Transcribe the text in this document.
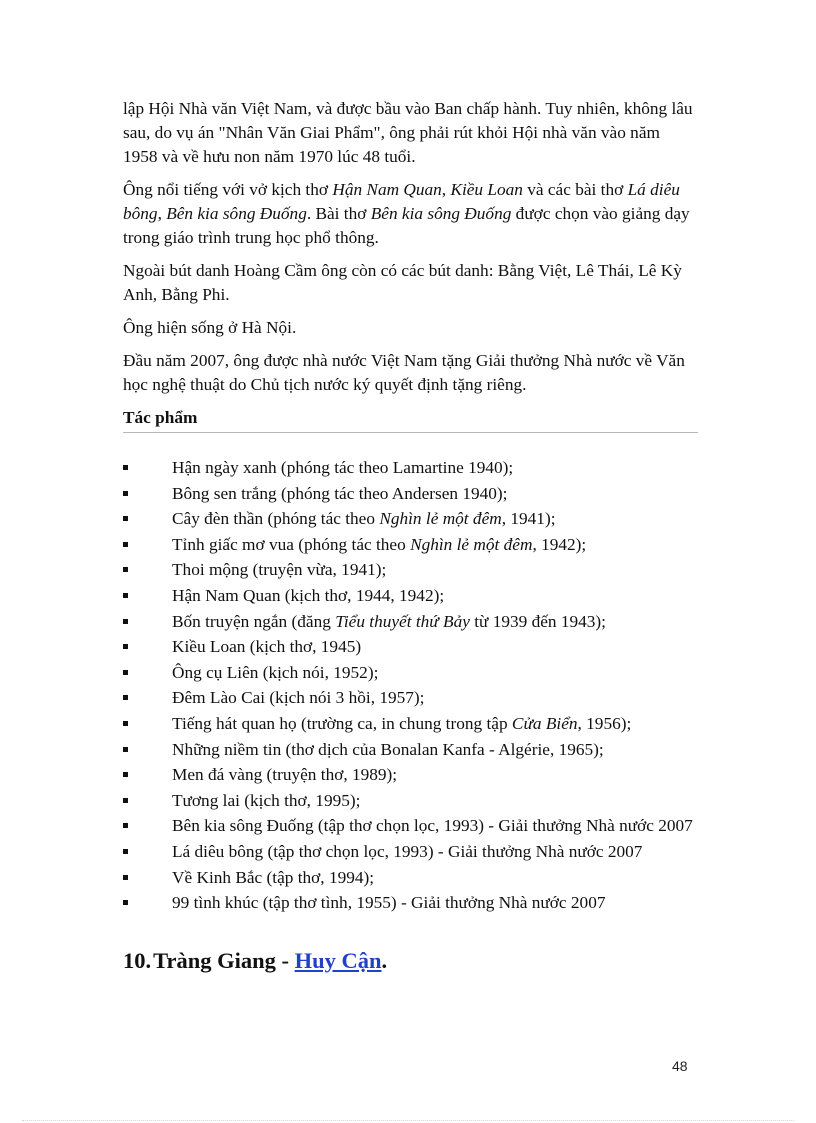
lập Hội Nhà văn Việt Nam, và được bầu vào Ban chấp hành. Tuy nhiên, không lâu sau, do vụ án "Nhân Văn Giai Phẩm", ông phải rút khỏi Hội nhà văn vào năm 1958 và về hưu non năm 1970 lúc 48 tuổi.

Ông nổi tiếng với vở kịch thơ Hận Nam Quan, Kiều Loan và các bài thơ Lá diêu bông, Bên kia sông Đuống. Bài thơ Bên kia sông Đuống được chọn vào giảng dạy trong giáo trình trung học phổ thông.

Ngoài bút danh Hoàng Cầm ông còn có các bút danh: Bằng Việt, Lê Thái, Lê Kỳ Anh, Bằng Phi.

Ông hiện sống ở Hà Nội.

Đầu năm 2007, ông được nhà nước Việt Nam tặng Giải thưởng Nhà nước về Văn học nghệ thuật do Chủ tịch nước ký quyết định tặng riêng.

Tác phẩm
Hận ngày xanh (phóng tác theo Lamartine 1940);
Bông sen trắng (phóng tác theo Andersen 1940);
Cây đèn thần (phóng tác theo Nghìn lẻ một đêm, 1941);
Tỉnh giấc mơ vua (phóng tác theo Nghìn lẻ một đêm, 1942);
Thoi mộng (truyện vừa, 1941);
Hận Nam Quan (kịch thơ, 1944, 1942);
Bốn truyện ngắn (đăng Tiểu thuyết thứ Bảy từ 1939 đến 1943);
Kiều Loan (kịch thơ, 1945)
Ông cụ Liên (kịch nói, 1952);
Đêm Lào Cai (kịch nói 3 hồi, 1957);
Tiếng hát quan họ (trường ca, in chung trong tập Cửa Biển, 1956);
Những niềm tin (thơ dịch của Bonalan Kanfa - Algérie, 1965);
Men đá vàng (truyện thơ, 1989);
Tương lai (kịch thơ, 1995);
Bên kia sông Đuống (tập thơ chọn lọc, 1993) - Giải thưởng Nhà nước 2007
Lá diêu bông (tập thơ chọn lọc, 1993) - Giải thưởng Nhà nước 2007
Về Kinh Bắc (tập thơ, 1994);
99 tình khúc (tập thơ tình, 1955) - Giải thưởng Nhà nước 2007
10.Tràng Giang - Huy Cận.
48
